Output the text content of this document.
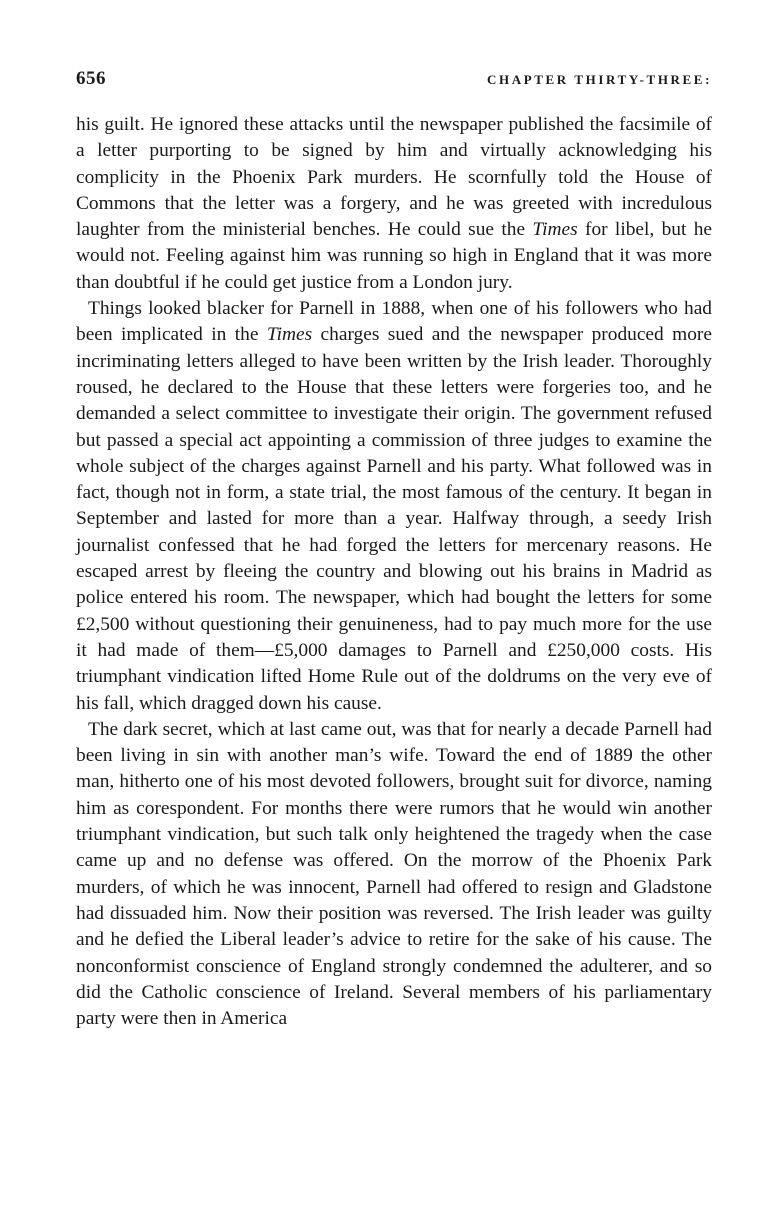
656	CHAPTER THIRTY-THREE:

his guilt. He ignored these attacks until the newspaper published the facsimile of a letter purporting to be signed by him and virtually acknowledging his complicity in the Phoenix Park murders. He scornfully told the House of Commons that the letter was a forgery, and he was greeted with incredulous laughter from the ministerial benches. He could sue the Times for libel, but he would not. Feeling against him was running so high in England that it was more than doubtful if he could get justice from a London jury.

Things looked blacker for Parnell in 1888, when one of his followers who had been implicated in the Times charges sued and the newspaper produced more incriminating letters alleged to have been written by the Irish leader. Thoroughly roused, he declared to the House that these letters were forgeries too, and he demanded a select committee to investigate their origin. The government refused but passed a special act appointing a commission of three judges to examine the whole subject of the charges against Parnell and his party. What followed was in fact, though not in form, a state trial, the most famous of the century. It began in September and lasted for more than a year. Halfway through, a seedy Irish journalist confessed that he had forged the letters for mercenary reasons. He escaped arrest by fleeing the country and blowing out his brains in Madrid as police entered his room. The newspaper, which had bought the letters for some £2,500 without questioning their genuineness, had to pay much more for the use it had made of them—£5,000 damages to Parnell and £250,000 costs. His triumphant vindication lifted Home Rule out of the doldrums on the very eve of his fall, which dragged down his cause.

The dark secret, which at last came out, was that for nearly a decade Parnell had been living in sin with another man’s wife. Toward the end of 1889 the other man, hitherto one of his most devoted followers, brought suit for divorce, naming him as corespondent. For months there were rumors that he would win another triumphant vindication, but such talk only heightened the tragedy when the case came up and no defense was offered. On the morrow of the Phoenix Park murders, of which he was innocent, Parnell had offered to resign and Gladstone had dissuaded him. Now their position was reversed. The Irish leader was guilty and he defied the Liberal leader’s advice to retire for the sake of his cause. The nonconformist conscience of England strongly condemned the adulterer, and so did the Catholic conscience of Ireland. Several members of his parliamentary party were then in America
